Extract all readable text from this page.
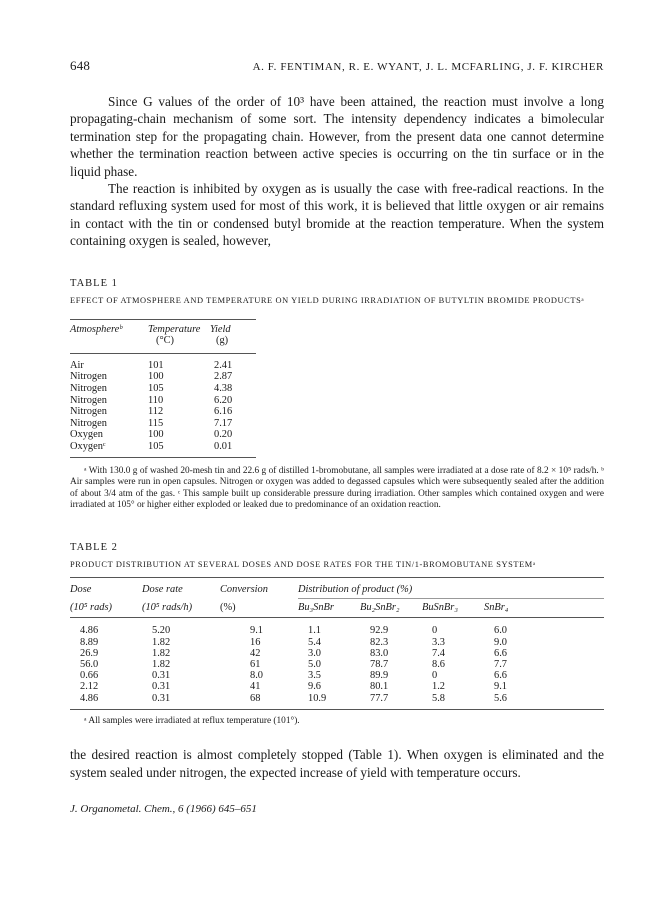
648	A. F. FENTIMAN, R. E. WYANT, J. L. MCFARLING, J. F. KIRCHER

Since G values of the order of 10³ have been attained, the reaction must involve a long propagating-chain mechanism of some sort. The intensity dependency indicates a bimolecular termination step for the propagating chain. However, from the present data one cannot determine whether the termination reaction between active species is occurring on the tin surface or in the liquid phase.

The reaction is inhibited by oxygen as is usually the case with free-radical reactions. In the standard refluxing system used for most of this work, it is believed that little oxygen or air remains in contact with the tin or condensed butyl bromide at the reaction temperature. When the system containing oxygen is sealed, however,

TABLE 1
EFFECT OF ATMOSPHERE AND TEMPERATURE ON YIELD DURING IRRADIATION OF BUTYLTIN BROMIDE PRODUCTSᵃ
Atmosphereᵇ	Temperature	Yield
	(°C)	(g)
Air	101	2.41
Nitrogen	100	2.87
Nitrogen	105	4.38
Nitrogen	110	6.20
Nitrogen	112	6.16
Nitrogen	115	7.17
Oxygen	100	0.20
Oxygenᶜ	105	0.01
ᵃ With 130.0 g of washed 20-mesh tin and 22.6 g of distilled 1-bromobutane, all samples were irradiated at a dose rate of 8.2 × 10⁵ rads/h. ᵇ Air samples were run in open capsules. Nitrogen or oxygen was added to degassed capsules which were subsequently sealed after the addition of about 3/4 atm of the gas. ᶜ This sample built up considerable pressure during irradiation. Other samples which contained oxygen and were irradiated at 105° or higher either exploded or leaked due to predominance of an oxidation reaction.
TABLE 2
PRODUCT DISTRIBUTION AT SEVERAL DOSES AND DOSE RATES FOR THE TIN/1-BROMOBUTANE SYSTEMᵃ
Dose	Dose rate	Conversion	Distribution of product (%)			
(10⁵ rads)	(10⁵ rads/h)	(%)	Bu₃SnBr	Bu₂SnBr₂	BuSnBr₃	SnBr₄
4.86	5.20	9.1	1.1	92.9	0	6.0
8.89	1.82	16	5.4	82.3	3.3	9.0
26.9	1.82	42	3.0	83.0	7.4	6.6
56.0	1.82	61	5.0	78.7	8.6	7.7
0.66	0.31	8.0	3.5	89.9	0	6.6
2.12	0.31	41	9.6	80.1	1.2	9.1
4.86	0.31	68	10.9	77.7	5.8	5.6
ᵃ All samples were irradiated at reflux temperature (101°).

the desired reaction is almost completely stopped (Table 1). When oxygen is eliminated and the system sealed under nitrogen, the expected increase of yield with temperature occurs.

J. Organometal. Chem., 6 (1966) 645–651
